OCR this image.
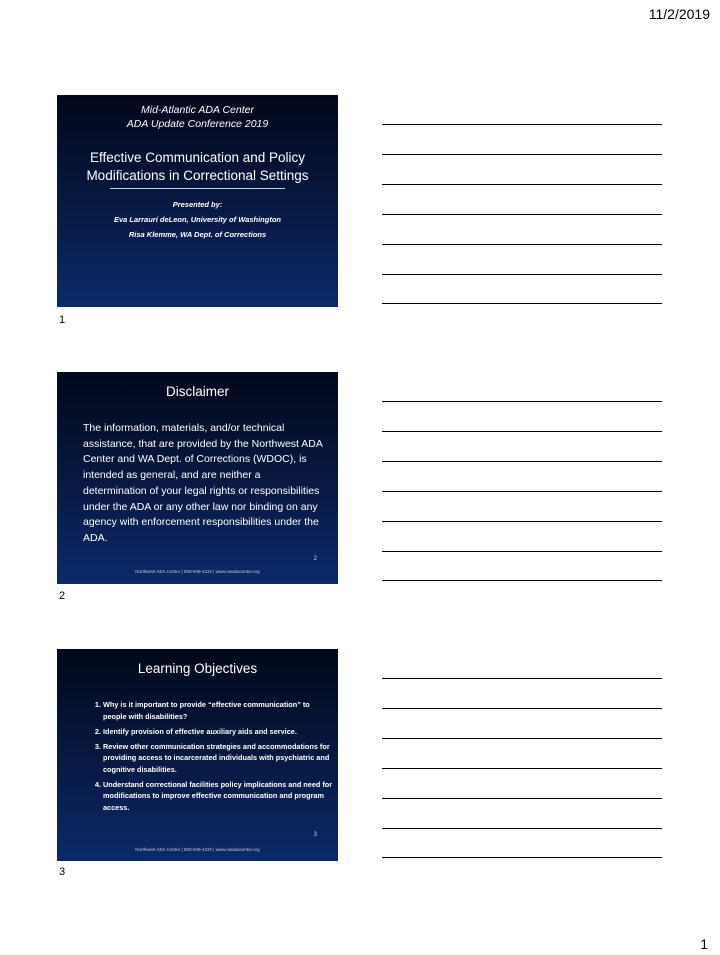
11/2/2019
Mid-Atlantic ADA Center
ADA Update Conference 2019
Effective Communication and Policy
Modifications in Correctional Settings
Presented by:
Eva Larraurí deLeon, University of Washington
Risa Klemme, WA Dept. of Corrections
1
Disclaimer
The information, materials, and/or technical assistance, that are provided by the Northwest ADA Center and WA Dept. of Corrections (WDOC), is intended as general, and are neither a determination of your legal rights or responsibilities under the ADA or any other law nor binding on any agency with enforcement responsibilities under the ADA.
2
Northwest ADA Center | 800-949-4232 | www.nwadacenter.org
2
Learning Objectives
1. Why is it important to provide “effective communication” to people with disabilities?
2. Identify provision of effective auxiliary aids and service.
3. Review other communication strategies and accommodations for providing access to incarcerated individuals with psychiatric and cognitive disabilities.
4. Understand correctional facilities policy implications and need for modifications to improve effective communication and program access.
3
Northwest ADA Center | 800-949-4232 | www.nwadacenter.org
3
1
